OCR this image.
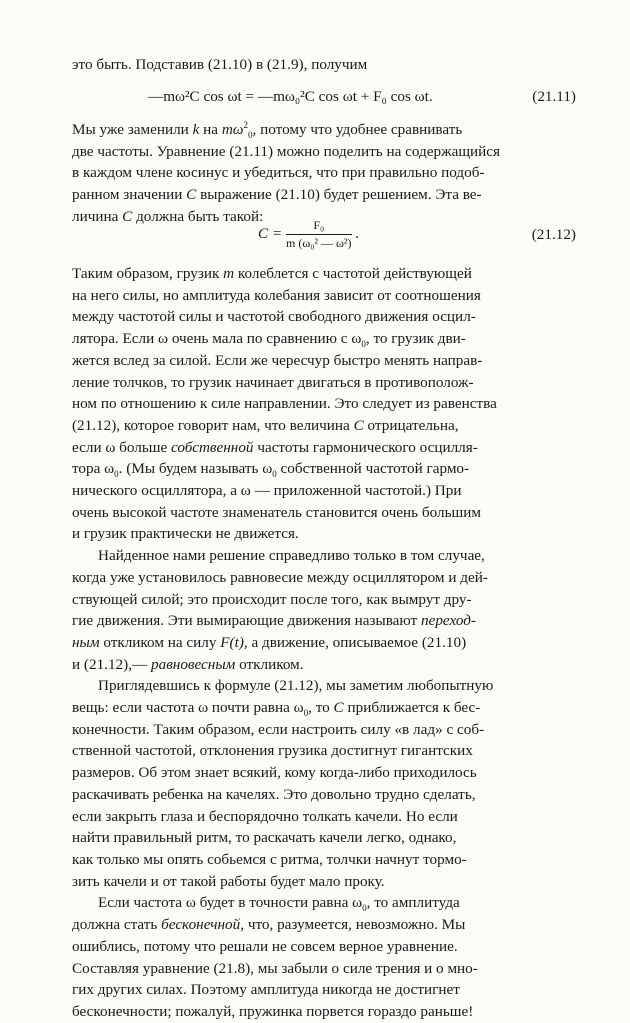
это быть. Подставив (21.10) в (21.9), получим

—mω²C cos ωt = —mω₀²C cos ωt + F₀ cos ωt.	(21.11)

Мы уже заменили k на $m\omega^2_0$, потому что удобнее сравнивать

две частоты. Уравнение (21.11) можно поделить на содержащийся

в каждом члене косинус и убедиться, что при правильно подоб-

ранном значении C выражение (21.10) будет решением. Эта ве-

личина C должна быть такой:

$C = \frac{\text{F₀}}{\text{m (ω₀² — ω²)}}$ .	(21.12)

Таким образом, грузик m колеблется с частотой действующей

на него силы, но амплитуда колебания зависит от соотношения

между частотой силы и частотой свободного движения осцил-

лятора. Если ω очень мала по сравнению с $\omega_0$, то грузик дви-

жется вслед за силой. Если же чересчур быстро менять направ-

ление толчков, то грузик начинает двигаться в противополож-

ном по отношению к силе направлении. Это следует из равенства

(21.12), которое говорит нам, что величина C отрицательна,

если ω больше собственной частоты гармонического осцилля-

тора $\omega_0$. (Мы будем называть $\omega_0$ собственной частотой гармо-

нического осциллятора, а ω — приложенной частотой.) При

очень высокой частоте знаменатель становится очень большим

и грузик практически не движется.

Найденное нами решение справедливо только в том случае,

когда уже установилось равновесие между осциллятором и дей-

ствующей силой; это происходит после того, как вымрут дру-

гие движения. Эти вымирающие движения называют переход-

ным откликом на силу F(t), а движение, описываемое (21.10)

и (21.12),— равновесным откликом.

Приглядевшись к формуле (21.12), мы заметим любопытную

вещь: если частота ω почти равна $\omega_0$, то C приближается к бес-

конечности. Таким образом, если настроить силу «в лад» с соб-

ственной частотой, отклонения грузика достигнут гигантских

размеров. Об этом знает всякий, кому когда-либо приходилось

раскачивать ребенка на качелях. Это довольно трудно сделать,

если закрыть глаза и беспорядочно толкать качели. Но если

найти правильный ритм, то раскачать качели легко, однако,

как только мы опять собьемся с ритма, толчки начнут тормо-

зить качели и от такой работы будет мало проку.

Если частота ω будет в точности равна $\omega_0$, то амплитуда

должна стать бесконечной, что, разумеется, невозможно. Мы

ошиблись, потому что решали не совсем верное уравнение.

Составляя уравнение (21.8), мы забыли о силе трения и о мно-

гих других силах. Поэтому амплитуда никогда не достигнет

бесконечности; пожалуй, пружинка порвется гораздо раньше!
